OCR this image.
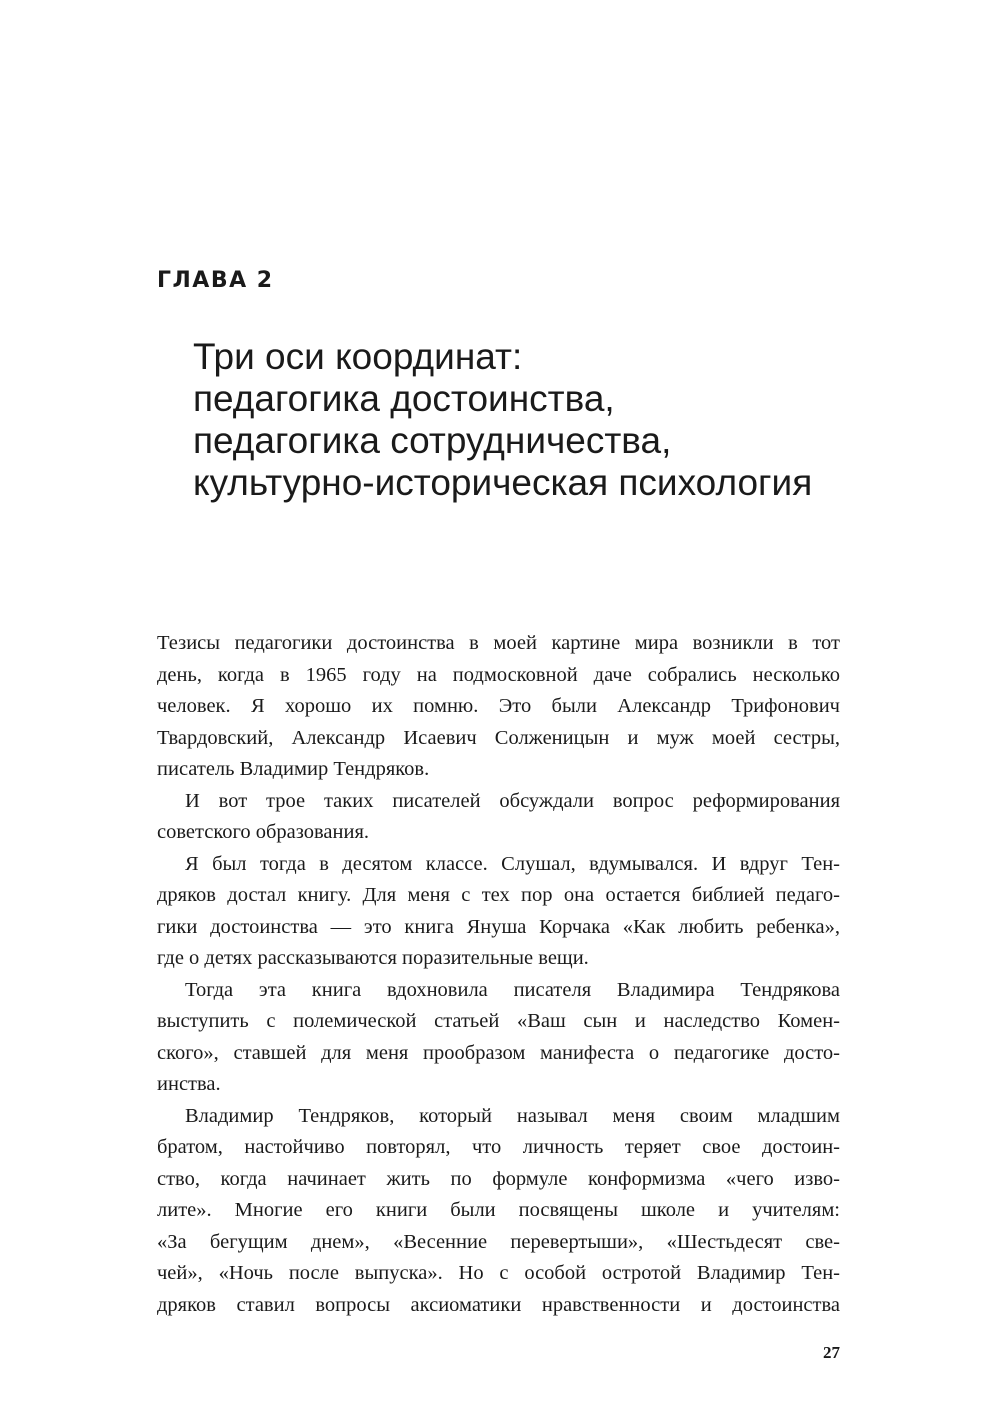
ГЛАВА 2
Три оси координат:
педагогика достоинства,
педагогика сотрудничества,
культурно-историческая психология

Тезисы педагогики достоинства в моей картине мира возникли в тот
день, когда в 1965 году на подмосковной даче собрались несколько
человек. Я хорошо их помню. Это были Александр Трифонович
Твардовский, Александр Исаевич Солженицын и муж моей сестры,
писатель Владимир Тендряков.

И вот трое таких писателей обсуждали вопрос реформирования
советского образования.

Я был тогда в десятом классе. Слушал, вдумывался. И вдруг Тен-
дряков достал книгу. Для меня с тех пор она остается библией педаго-
гики достоинства — это книга Януша Корчака «Как любить ребенка»,
где о детях рассказываются поразительные вещи.

Тогда эта книга вдохновила писателя Владимира Тендрякова
выступить с полемической статьей «Ваш сын и наследство Комен-
ского», ставшей для меня прообразом манифеста о педагогике досто-
инства.

Владимир Тендряков, который называл меня своим младшим
братом, настойчиво повторял, что личность теряет свое достоин-
ство, когда начинает жить по формуле конформизма «чего изво-
лите». Многие его книги были посвящены школе и учителям:
«За бегущим днем», «Весенние перевертыши», «Шестьдесят све-
чей», «Ночь после выпуска». Но с особой остротой Владимир Тен-
дряков ставил вопросы аксиоматики нравственности и достоинства

27
